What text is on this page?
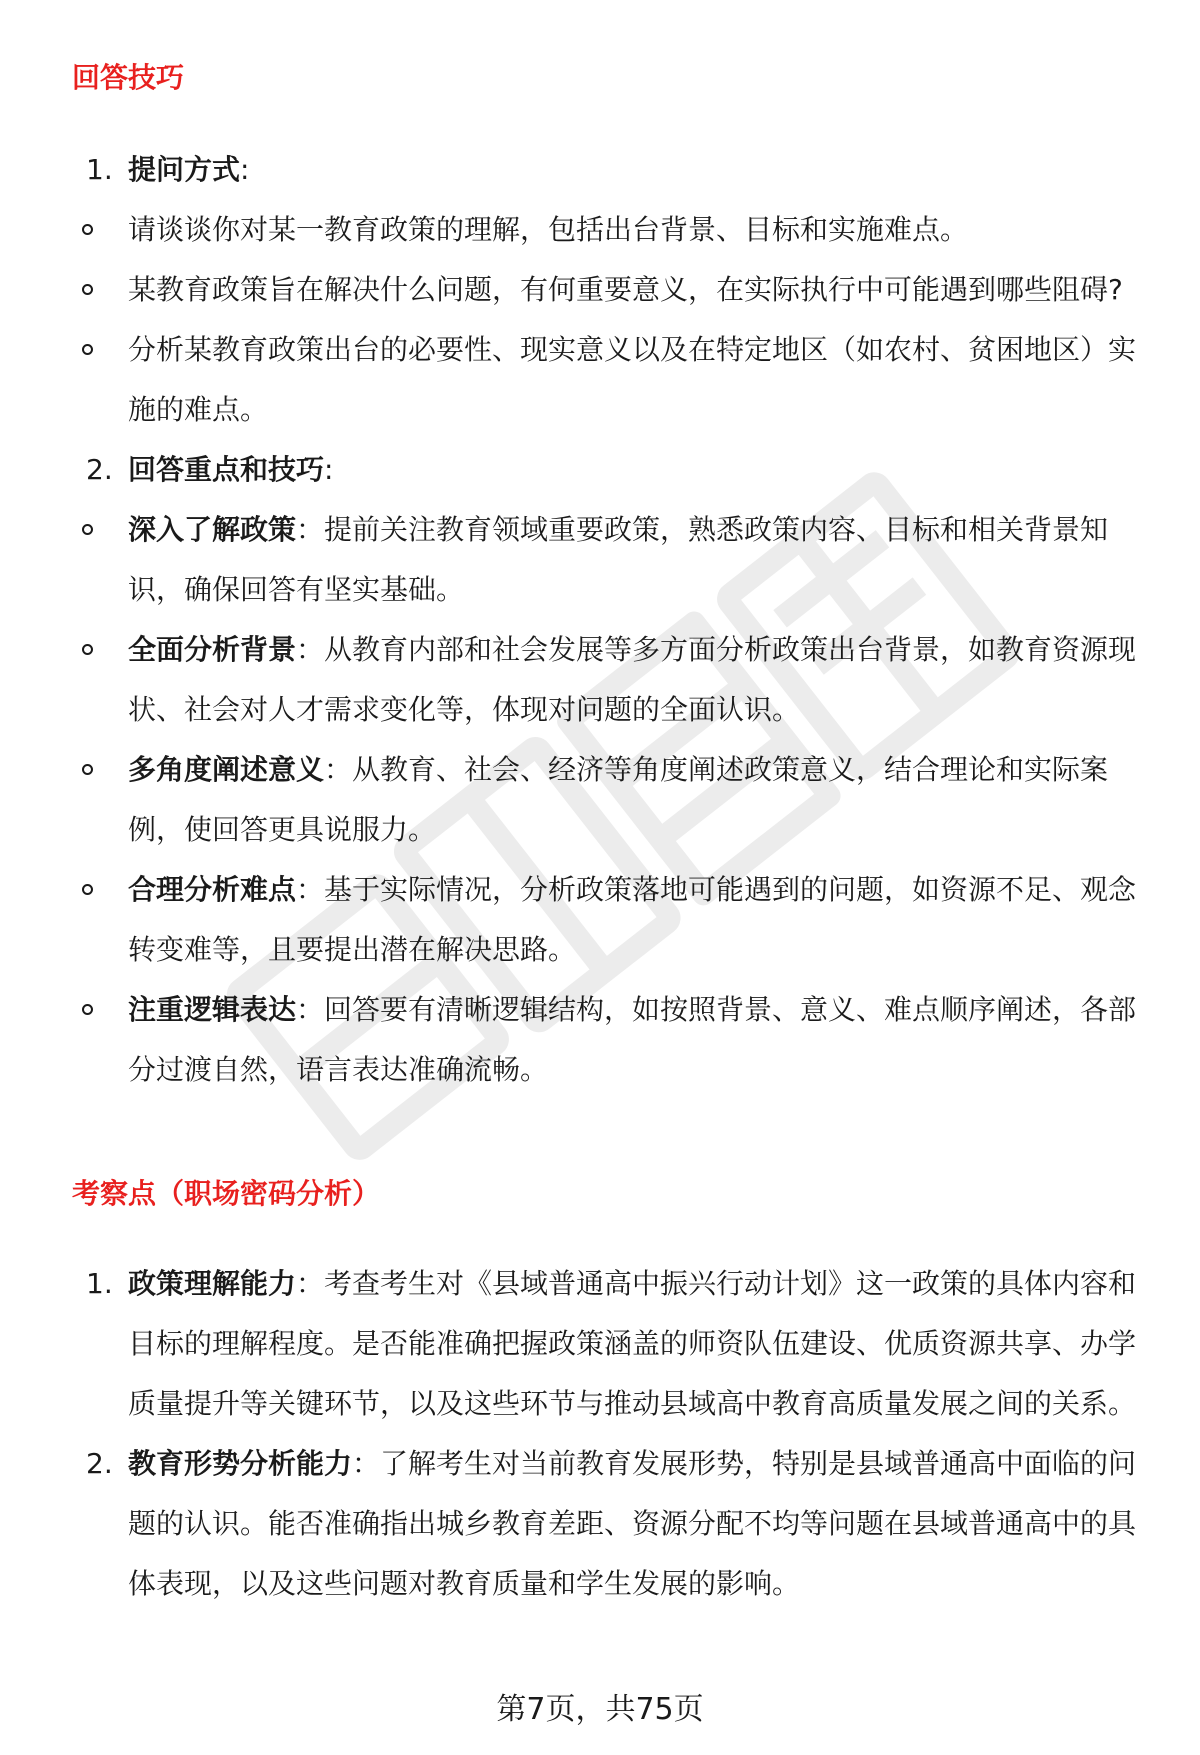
回答技巧
1. 提问方式:
请谈谈你对某一教育政策的理解，包括出台背景、目标和实施难点。
某教育政策旨在解决什么问题，有何重要意义，在实际执行中可能遇到哪些阻碍?
分析某教育政策出台的必要性、现实意义以及在特定地区（如农村、贫困地区）实施的难点。
2. 回答重点和技巧:
深入了解政策：提前关注教育领域重要政策，熟悉政策内容、目标和相关背景知识，确保回答有坚实基础。
全面分析背景：从教育内部和社会发展等多方面分析政策出台背景，如教育资源现状、社会对人才需求变化等，体现对问题的全面认识。
多角度阐述意义：从教育、社会、经济等角度阐述政策意义，结合理论和实际案例，使回答更具说服力。
合理分析难点：基于实际情况，分析政策落地可能遇到的问题，如资源不足、观念转变难等，且要提出潜在解决思路。
注重逻辑表达：回答要有清晰逻辑结构，如按照背景、意义、难点顺序阐述，各部分过渡自然，语言表达准确流畅。
考察点（职场密码分析）
1. 政策理解能力：考查考生对《县域普通高中振兴行动计划》这一政策的具体内容和目标的理解程度。是否能准确把握政策涵盖的师资队伍建设、优质资源共享、办学质量提升等关键环节，以及这些环节与推动县域高中教育高质量发展之间的关系。
2. 教育形势分析能力：了解考生对当前教育发展形势，特别是县域普通高中面临的问题的认识。能否准确指出城乡教育差距、资源分配不均等问题在县域普通高中的具体表现，以及这些问题对教育质量和学生发展的影响。
第7页，共75页
